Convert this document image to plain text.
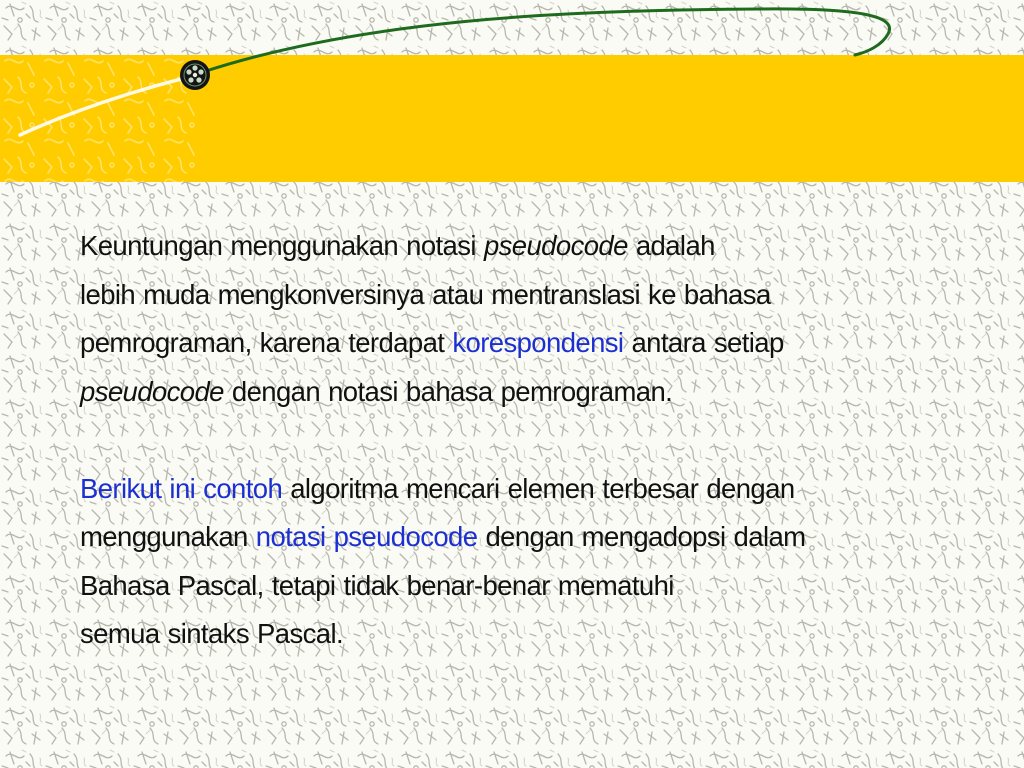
Keuntungan menggunakan notasi pseudocode adalah
lebih muda mengkonversinya atau mentranslasi ke bahasa
pemrograman, karena terdapat korespondensi antara setiap
pseudocode dengan notasi bahasa pemrograman.

Berikut ini contoh algoritma mencari elemen terbesar dengan
menggunakan notasi pseudocode dengan mengadopsi dalam
Bahasa Pascal, tetapi tidak benar-benar mematuhi
semua sintaks Pascal.
